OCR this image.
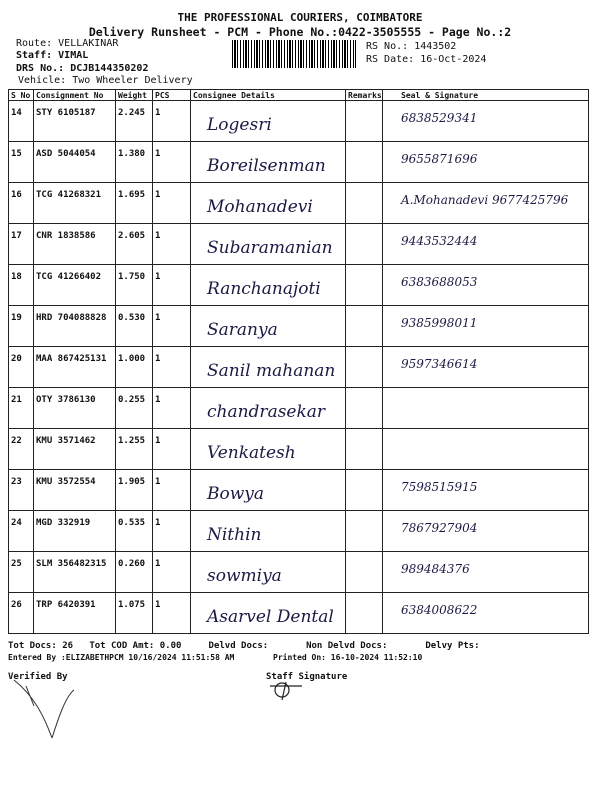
THE PROFESSIONAL COURIERS, COIMBATORE
Delivery Runsheet - PCM - Phone No.:0422-3505555 - Page No.:2
Route: VELLAKINAR
Staff: VIMAL
DRS No.: DCJB144350202
Vehicle: Two Wheeler Delivery
RS No.: 1443502
RS Date: 16-Oct-2024
S No	Consignment No	Weight	PCS	Consignee Details	Remarks	Seal & Signature

14	STY 6105187	2.245	1	Logesri		6838529341

15	ASD 5044054	1.380	1	Boreilsenman		9655871696

16	TCG 41268321	1.695	1	Mohanadevi		A.Mohanadevi 9677425796

17	CNR 1838586	2.605	1	Subaramanian		9443532444

18	TCG 41266402	1.750	1	Ranchanajoti		6383688053

19	HRD 704088828	0.530	1	Saranya		9385998011

20	MAA 867425131	1.000	1	Sanil mahanan		9597346614

21	OTY 3786130	0.255	1	chandrasekar		

22	KMU 3571462	1.255	1	Venkatesh		

23	KMU 3572554	1.905	1	Bowya		7598515915

24	MGD 332919	0.535	1	Nithin		7867927904

25	SLM 356482315	0.260	1	sowmiya		989484376

26	TRP 6420391	1.075	1	Asarvel Dental		6384008622
Tot Docs: 26 Tot COD Amt: 0.00	Delvd Docs:	Non Delvd Docs:	Delvy Pts:
Entered By :ELIZABETHPCM 10/16/2024 11:51:58 AM	Printed On: 16-10-2024 11:52:10
Verified By	Staff Signature
